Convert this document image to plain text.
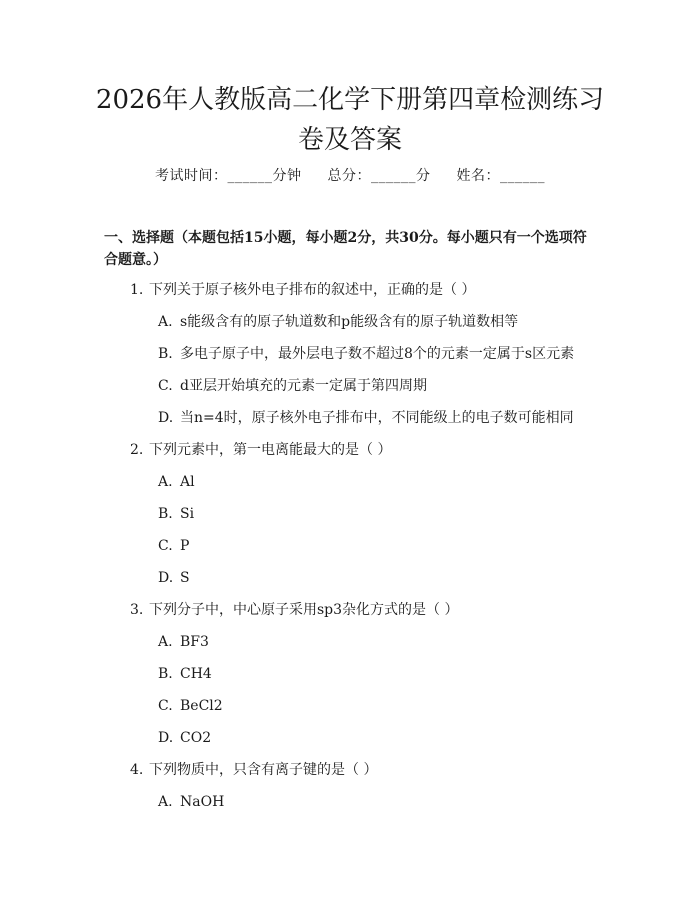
2026年人教版高二化学下册第四章检测练习卷及答案
考试时间：______分钟 总分：______分 姓名：______
一、选择题（本题包括15小题，每小题2分，共30分。每小题只有一个选项符合题意。）
1. 下列关于原子核外电子排布的叙述中，正确的是（ ）
A. s能级含有的原子轨道数和p能级含有的原子轨道数相等
B. 多电子原子中，最外层电子数不超过8个的元素一定属于s区元素
C. d亚层开始填充的元素一定属于第四周期
D. 当n=4时，原子核外电子排布中，不同能级上的电子数可能相同
2. 下列元素中，第一电离能最大的是（ ）
A. Al
B. Si
C. P
D. S
3. 下列分子中，中心原子采用sp3杂化方式的是（ ）
A. BF3
B. CH4
C. BeCl2
D. CO2
4. 下列物质中，只含有离子键的是（ ）
A. NaOH
